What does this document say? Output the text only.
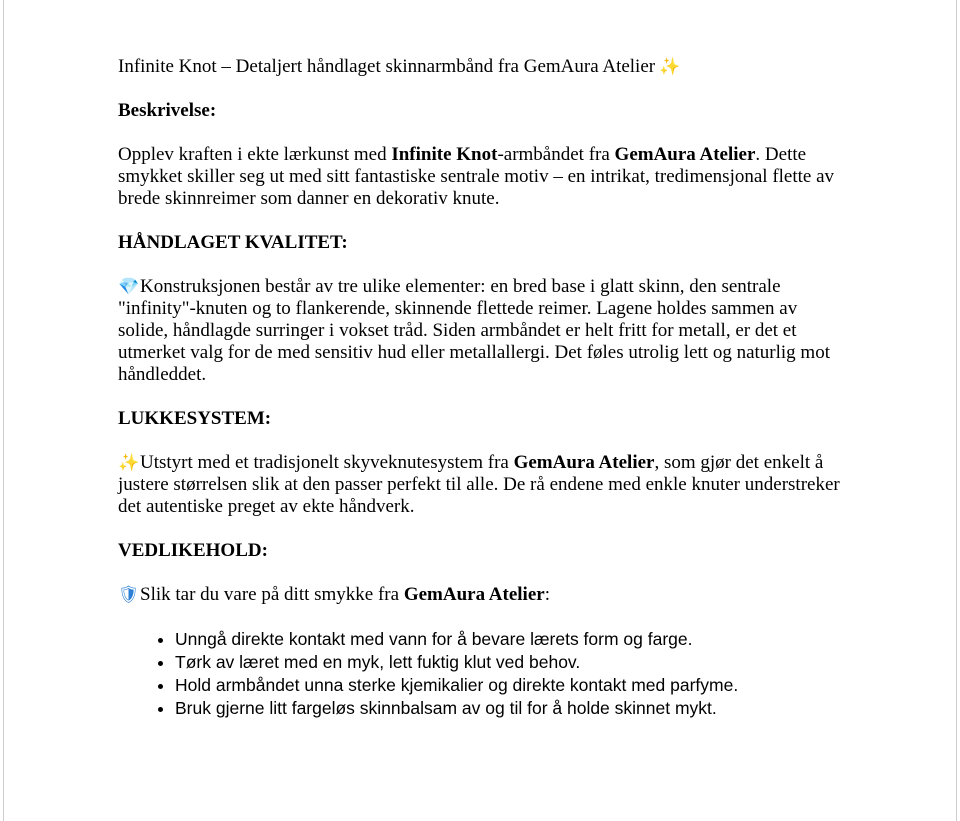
Infinite Knot – Detaljert håndlaget skinnarmbånd fra GemAura Atelier ✨

Beskrivelse:

Opplev kraften i ekte lærkunst med Infinite Knot-armbåndet fra GemAura Atelier. Dette smykket skiller seg ut med sitt fantastiske sentrale motiv – en intrikat, tredimensjonal flette av brede skinnreimer som danner en dekorativ knute.

HÅNDLAGET KVALITET:

💎Konstruksjonen består av tre ulike elementer: en bred base i glatt skinn, den sentrale "infinity"-knuten og to flankerende, skinnende flettede reimer. Lagene holdes sammen av solide, håndlagde surringer i vokset tråd. Siden armbåndet er helt fritt for metall, er det et utmerket valg for de med sensitiv hud eller metallallergi. Det føles utrolig lett og naturlig mot håndleddet.

LUKKESYSTEM:

✨Utstyrt med et tradisjonelt skyveknutesystem fra GemAura Atelier, som gjør det enkelt å justere størrelsen slik at den passer perfekt til alle. De rå endene med enkle knuter understreker det autentiske preget av ekte håndverk.

VEDLIKEHOLD:

🛡Slik tar du vare på ditt smykke fra GemAura Atelier:

• Unngå direkte kontakt med vann for å bevare lærets form og farge.
• Tørk av læret med en myk, lett fuktig klut ved behov.
• Hold armbåndet unna sterke kjemikalier og direkte kontakt med parfyme.
• Bruk gjerne litt fargeløs skinnbalsam av og til for å holde skinnet mykt.
